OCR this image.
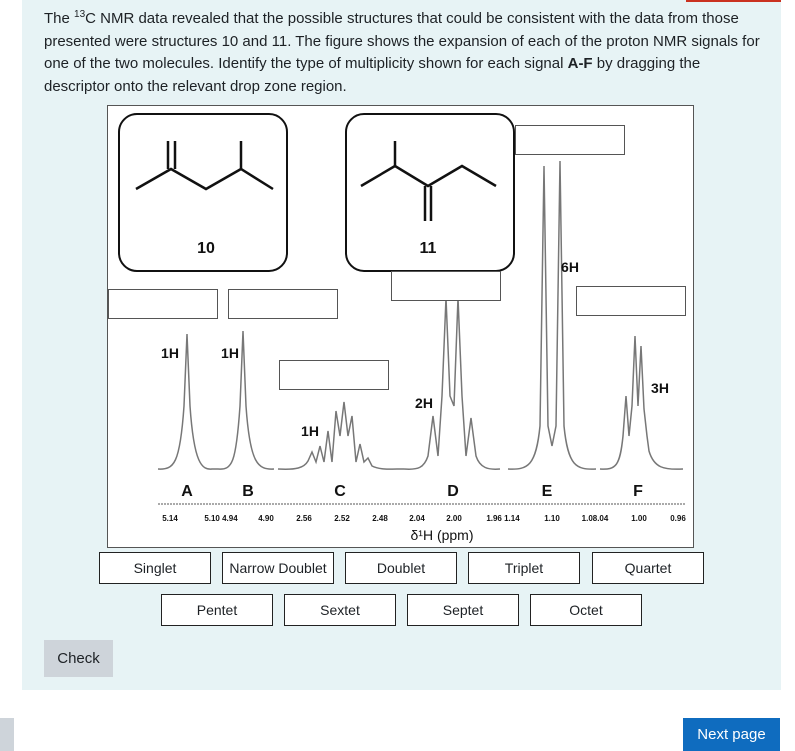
The $^{13}$C NMR data revealed that the possible structures that could be consistent with the data from those presented were structures 10 and 11. The figure shows the expansion of each of the proton NMR signals for one of the two molecules. Identify the type of multiplicity shown for each signal A-F by dragging the descriptor onto the relevant drop zone region.
10	11
1H	1H
1H
2H
6H
3H
A	B	C	D	E	F
5.14	5.10 4.94	4.90	2.56	2.52	2.48	2.04	2.00	1.96 1.14	1.10	1.08.04	1.00	0.96
δ¹H (ppm)
Singlet	Narrow Doublet	Doublet	Triplet	Quartet
Pentet	Sextet	Septet	Octet
Check
Next page
